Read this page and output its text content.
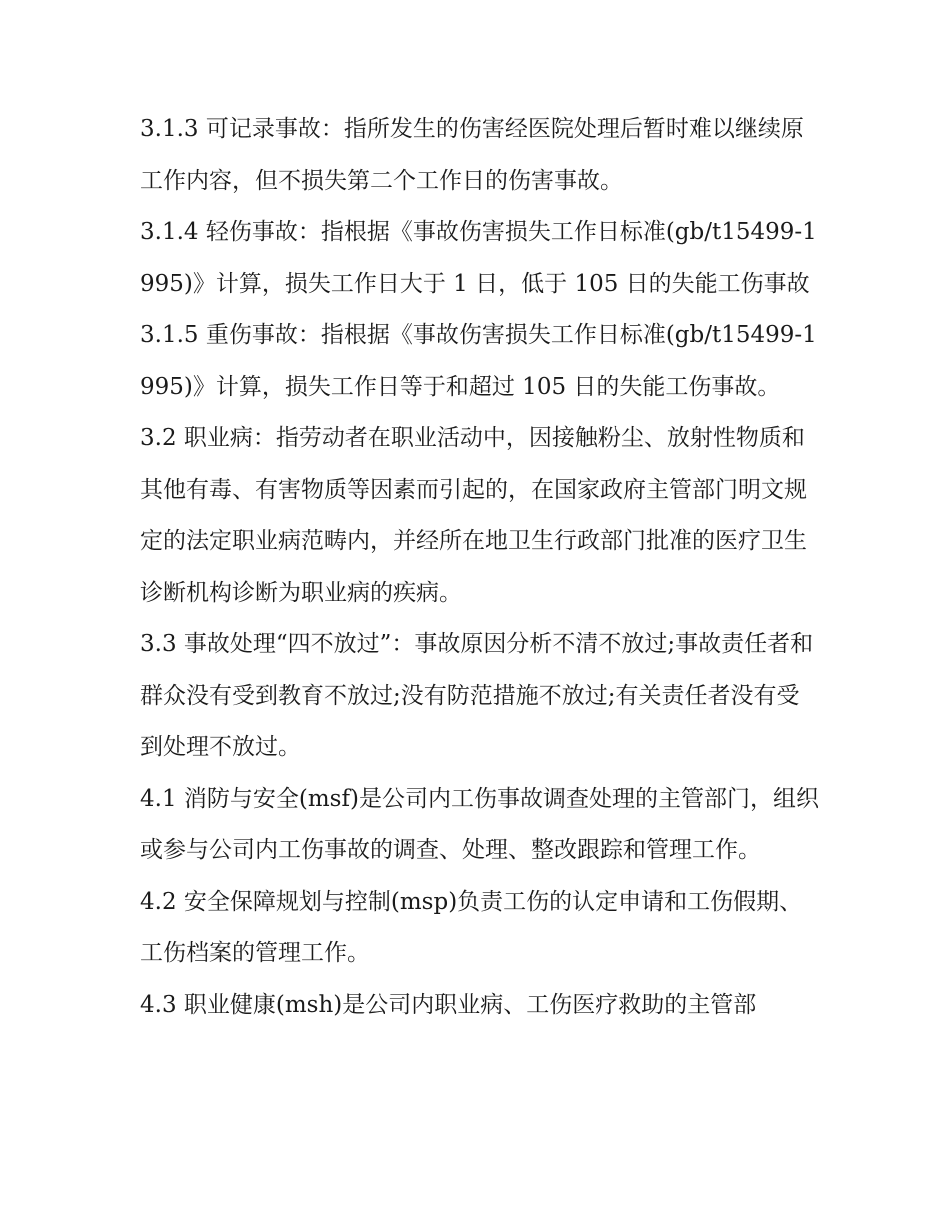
3.1.3 可记录事故：指所发生的伤害经医院处理后暂时难以继续原工作内容，但不损失第二个工作日的伤害事故。

3.1.4 轻伤事故：指根据《事故伤害损失工作日标准(gb/t15499-1995)》计算，损失工作日大于 1 日，低于 105 日的失能工伤事故

3.1.5 重伤事故：指根据《事故伤害损失工作日标准(gb/t15499-1995)》计算，损失工作日等于和超过 105 日的失能工伤事故。

3.2 职业病：指劳动者在职业活动中，因接触粉尘、放射性物质和其他有毒、有害物质等因素而引起的，在国家政府主管部门明文规定的法定职业病范畴内，并经所在地卫生行政部门批准的医疗卫生诊断机构诊断为职业病的疾病。

3.3 事故处理“四不放过”：事故原因分析不清不放过;事故责任者和群众没有受到教育不放过;没有防范措施不放过;有关责任者没有受到处理不放过。

4.1 消防与安全(msf)是公司内工伤事故调查处理的主管部门，组织或参与公司内工伤事故的调查、处理、整改跟踪和管理工作。

4.2 安全保障规划与控制(msp)负责工伤的认定申请和工伤假期、工伤档案的管理工作。

4.3 职业健康(msh)是公司内职业病、工伤医疗救助的主管部
